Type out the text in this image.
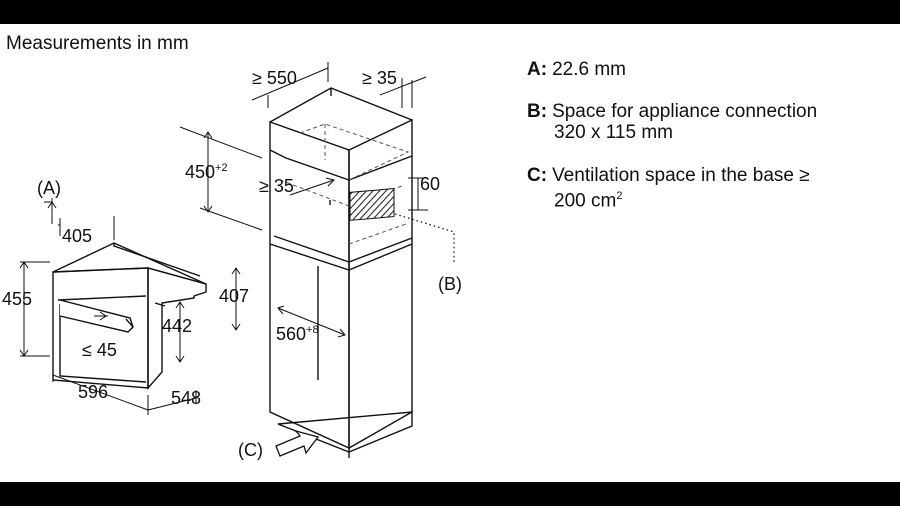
Measurements in mm
(A)
(B)
(C)
405
455
442
407
≤ 45
596	548
≥ 550	≥ 35
$450^{+2}$
≥ 35	60
$560^{+8}$
A: 22.6 mm
B: Space for appliance connection
320 x 115 mm
C: Ventilation space in the base ≥
200 $cm^2$
